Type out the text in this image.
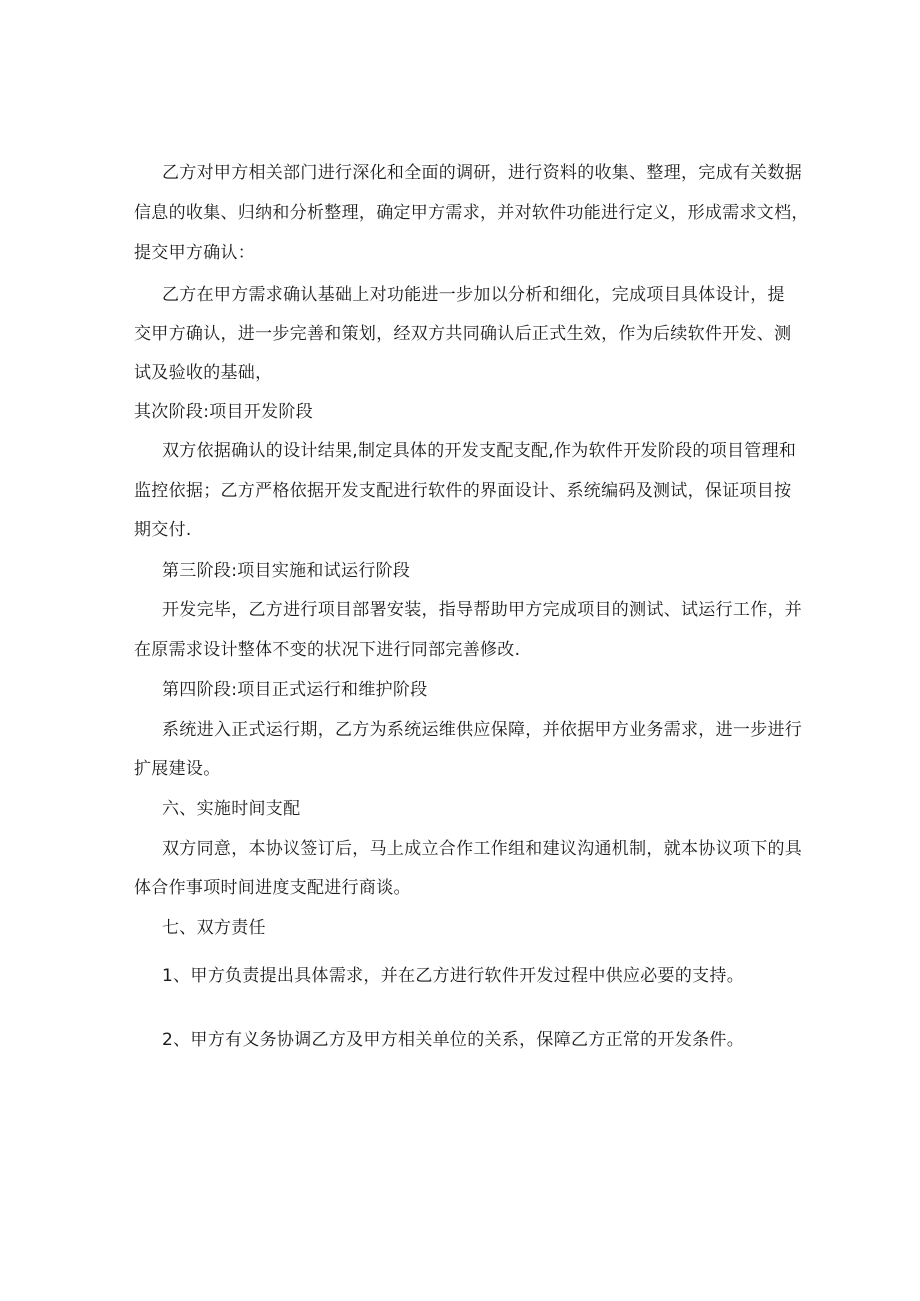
乙方对甲方相关部门进行深化和全面的调研，进行资料的收集、整理，完成有关数据
信息的收集、归纳和分析整理，确定甲方需求，并对软件功能进行定义，形成需求文档，
提交甲方确认：
乙方在甲方需求确认基础上对功能进一步加以分析和细化，完成项目具体设计，提
交甲方确认，进一步完善和策划，经双方共同确认后正式生效，作为后续软件开发、测
试及验收的基础，
其次阶段:项目开发阶段
双方依据确认的设计结果,制定具体的开发支配支配,作为软件开发阶段的项目管理和
监控依据；乙方严格依据开发支配进行软件的界面设计、系统编码及测试，保证项目按
期交付.
第三阶段:项目实施和试运行阶段
开发完毕，乙方进行项目部署安装，指导帮助甲方完成项目的测试、试运行工作，并
在原需求设计整体不变的状况下进行同部完善修改.
第四阶段:项目正式运行和维护阶段
系统进入正式运行期，乙方为系统运维供应保障，并依据甲方业务需求，进一步进行
扩展建设。
六、实施时间支配
双方同意，本协议签订后，马上成立合作工作组和建议沟通机制，就本协议项下的具
体合作事项时间进度支配进行商谈。
七、双方责任
1、甲方负责提出具体需求，并在乙方进行软件开发过程中供应必要的支持。
2、甲方有义务协调乙方及甲方相关单位的关系，保障乙方正常的开发条件。
